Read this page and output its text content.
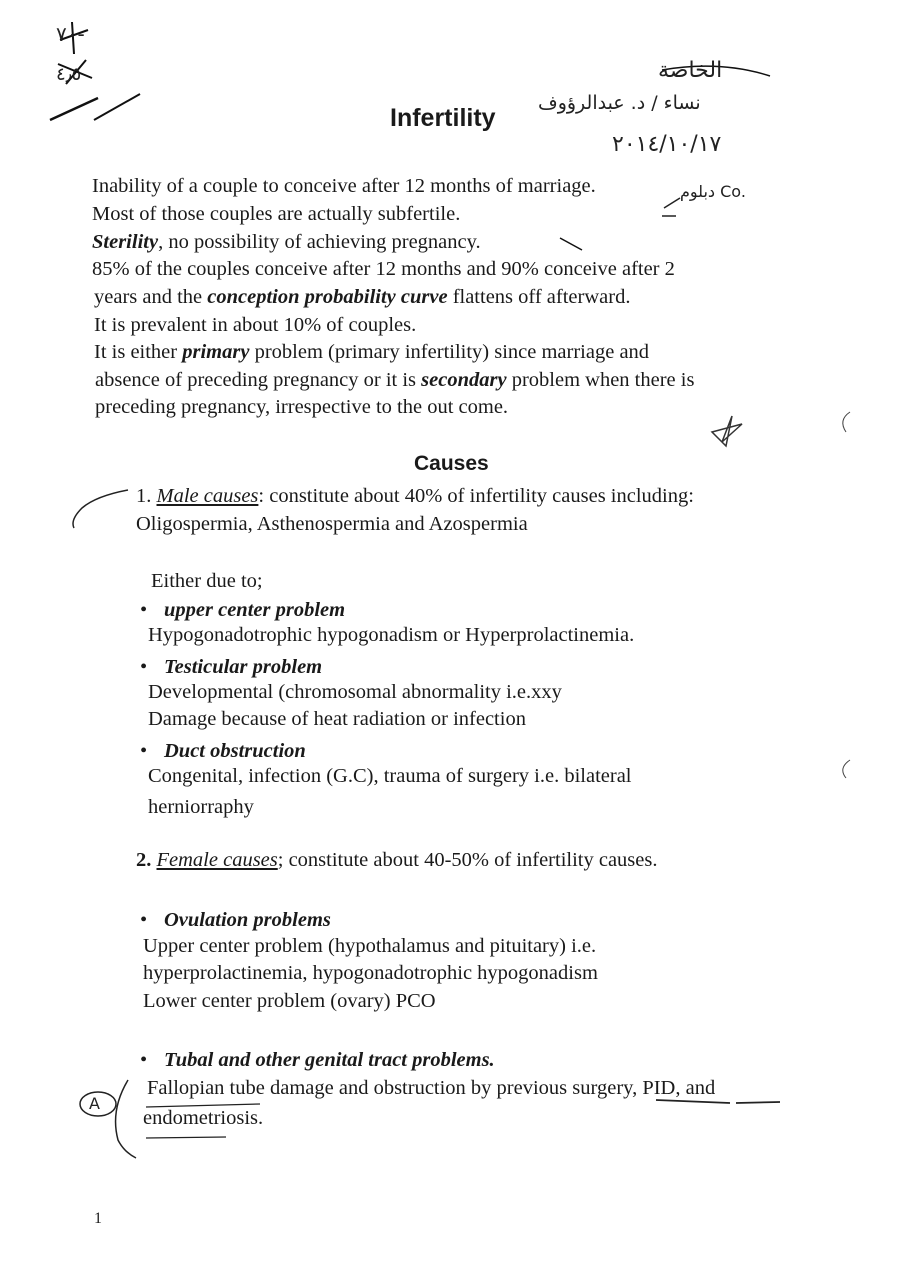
٧٠-
٤٫٥	الخاصة
نساء / د. عبدالرؤوف
٢٠١٤/١٠/١٧
دبلوم Co.
A
Infertility
Inability of a couple to conceive after 12 months of marriage.
Most of those couples are actually subfertile.
Sterility, no possibility of achieving pregnancy.
85% of the couples conceive after 12 months and 90% conceive after 2
years and the conception probability curve flattens off afterward.
It is prevalent in about 10% of couples.
It is either primary problem (primary infertility) since marriage and
absence of preceding pregnancy or it is secondary problem when there is
preceding pregnancy, irrespective to the out come.
Causes
1. Male causes: constitute about 40% of infertility causes including:
Oligospermia, Asthenospermia and Azospermia
Either due to;
• upper center problem
Hypogonadotrophic hypogonadism or Hyperprolactinemia.
• Testicular problem
Developmental (chromosomal abnormality i.e.xxy
Damage because of heat radiation or infection
• Duct obstruction
Congenital, infection (G.C), trauma of surgery i.e. bilateral
herniorraphy
2. Female causes; constitute about 40-50% of infertility causes.
• Ovulation problems
Upper center problem (hypothalamus and pituitary) i.e.
hyperprolactinemia, hypogonadotrophic hypogonadism
Lower center problem (ovary) PCO
• Tubal and other genital tract problems.
Fallopian tube damage and obstruction by previous surgery, PID, and
endometriosis.
1
